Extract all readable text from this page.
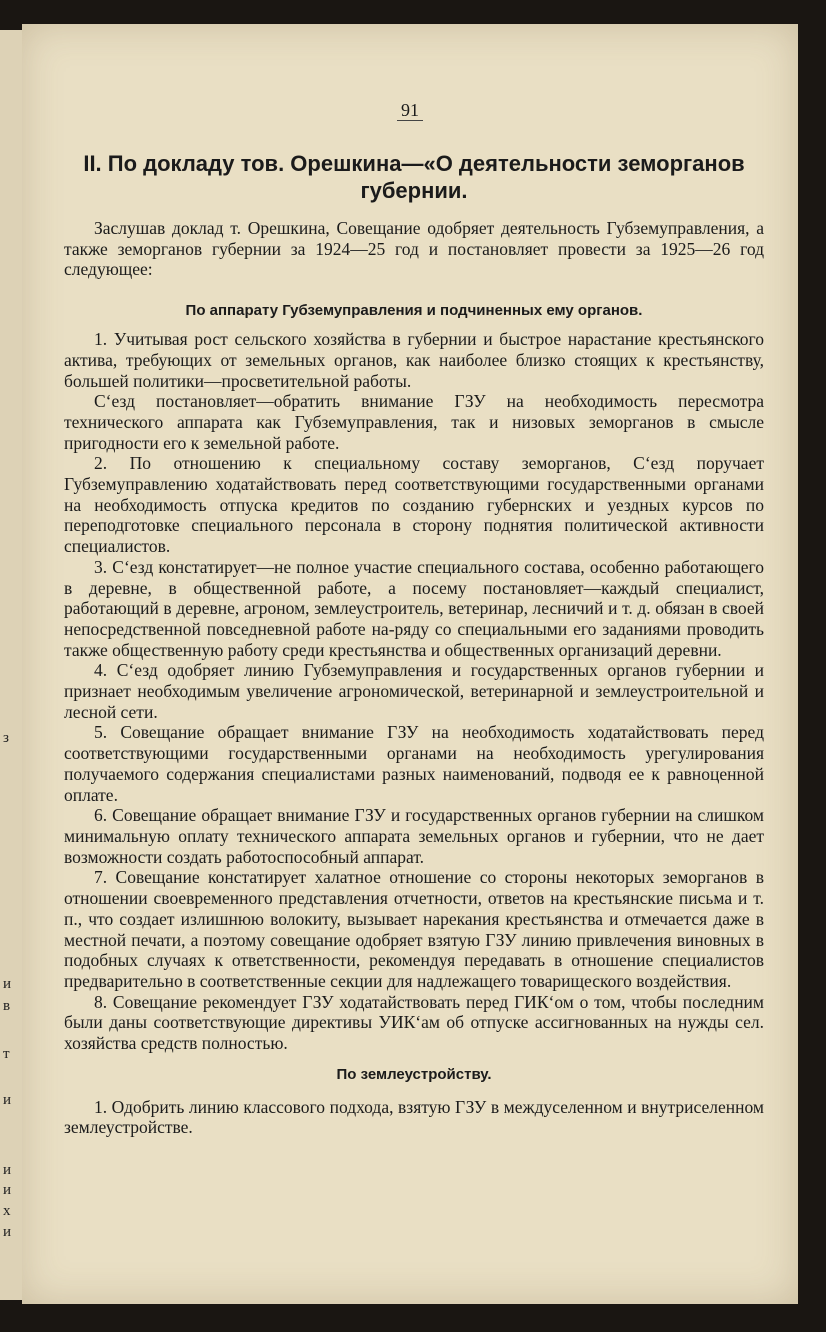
з
и
в
т
и
и
и
х
и
91
ІІ. По докладу тов. Орешкина—«О деятельности земорганов губернии.

Заслушав доклад т. Орешкина, Совещание одобряет деятельность Губземуправления, а также земорганов губернии за 1924—25 год и постановляет провести за 1925—26 год следующее:

По аппарату Губземуправления и подчиненных ему органов.

1. Учитывая рост сельского хозяйства в губернии и быстрое нарастание крестьянского актива, требующих от земельных органов, как наиболее близко стоящих к крестьянству, большей политики—просветительной работы.

С‘езд постановляет—обратить внимание ГЗУ на необходимость пересмотра технического аппарата как Губземуправления, так и низовых земорганов в смысле пригодности его к земельной работе.

2. По отношению к специальному составу земорганов, С‘езд поручает Губземуправлению ходатайствовать перед соответствующими государственными органами на необходимость отпуска кредитов по созданию губернских и уездных курсов по переподготовке специального персонала в сторону поднятия политической активности специалистов.

3. С‘езд констатирует—не полное участие специального состава, особенно работающего в деревне, в общественной работе, а посему постановляет—каждый специалист, работающий в деревне, агроном, землеустроитель, ветеринар, лесничий и т. д. обязан в своей непосредственной повседневной работе на-ряду со специальными его заданиями проводить также общественную работу среди крестьянства и общественных организаций деревни.

4. С‘езд одобряет линию Губземуправления и государственных органов губернии и признает необходимым увеличение агрономической, ветеринарной и землеустроительной и лесной сети.

5. Совещание обращает внимание ГЗУ на необходимость ходатайствовать перед соответствующими государственными органами на необходимость урегулирования получаемого содержания специалистами разных наименований, подводя ее к равноценной оплате.

6. Совещание обращает внимание ГЗУ и государственных органов губернии на слишком минимальную оплату технического аппарата земельных органов и губернии, что не дает возможности создать работоспособный аппарат.

7. Совещание констатирует халатное отношение со стороны некоторых земорганов в отношении своевременного представления отчетности, ответов на крестьянские письма и т. п., что создает излишнюю волокиту, вызывает нарекания крестьянства и отмечается даже в местной печати, а поэтому совещание одобряет взятую ГЗУ линию привлечения виновных в подобных случаях к ответственности, рекомендуя передавать в отношение специалистов предварительно в соответственные секции для надлежащего товарищеского воздействия.

8. Совещание рекомендует ГЗУ ходатайствовать перед ГИК‘ом о том, чтобы последним были даны соответствующие директивы УИК‘ам об отпуске ассигнованных на нужды сел. хозяйства средств полностью.

По землеустройству.

1. Одобрить линию классового подхода, взятую ГЗУ в междуселенном и внутриселенном землеустройстве.
